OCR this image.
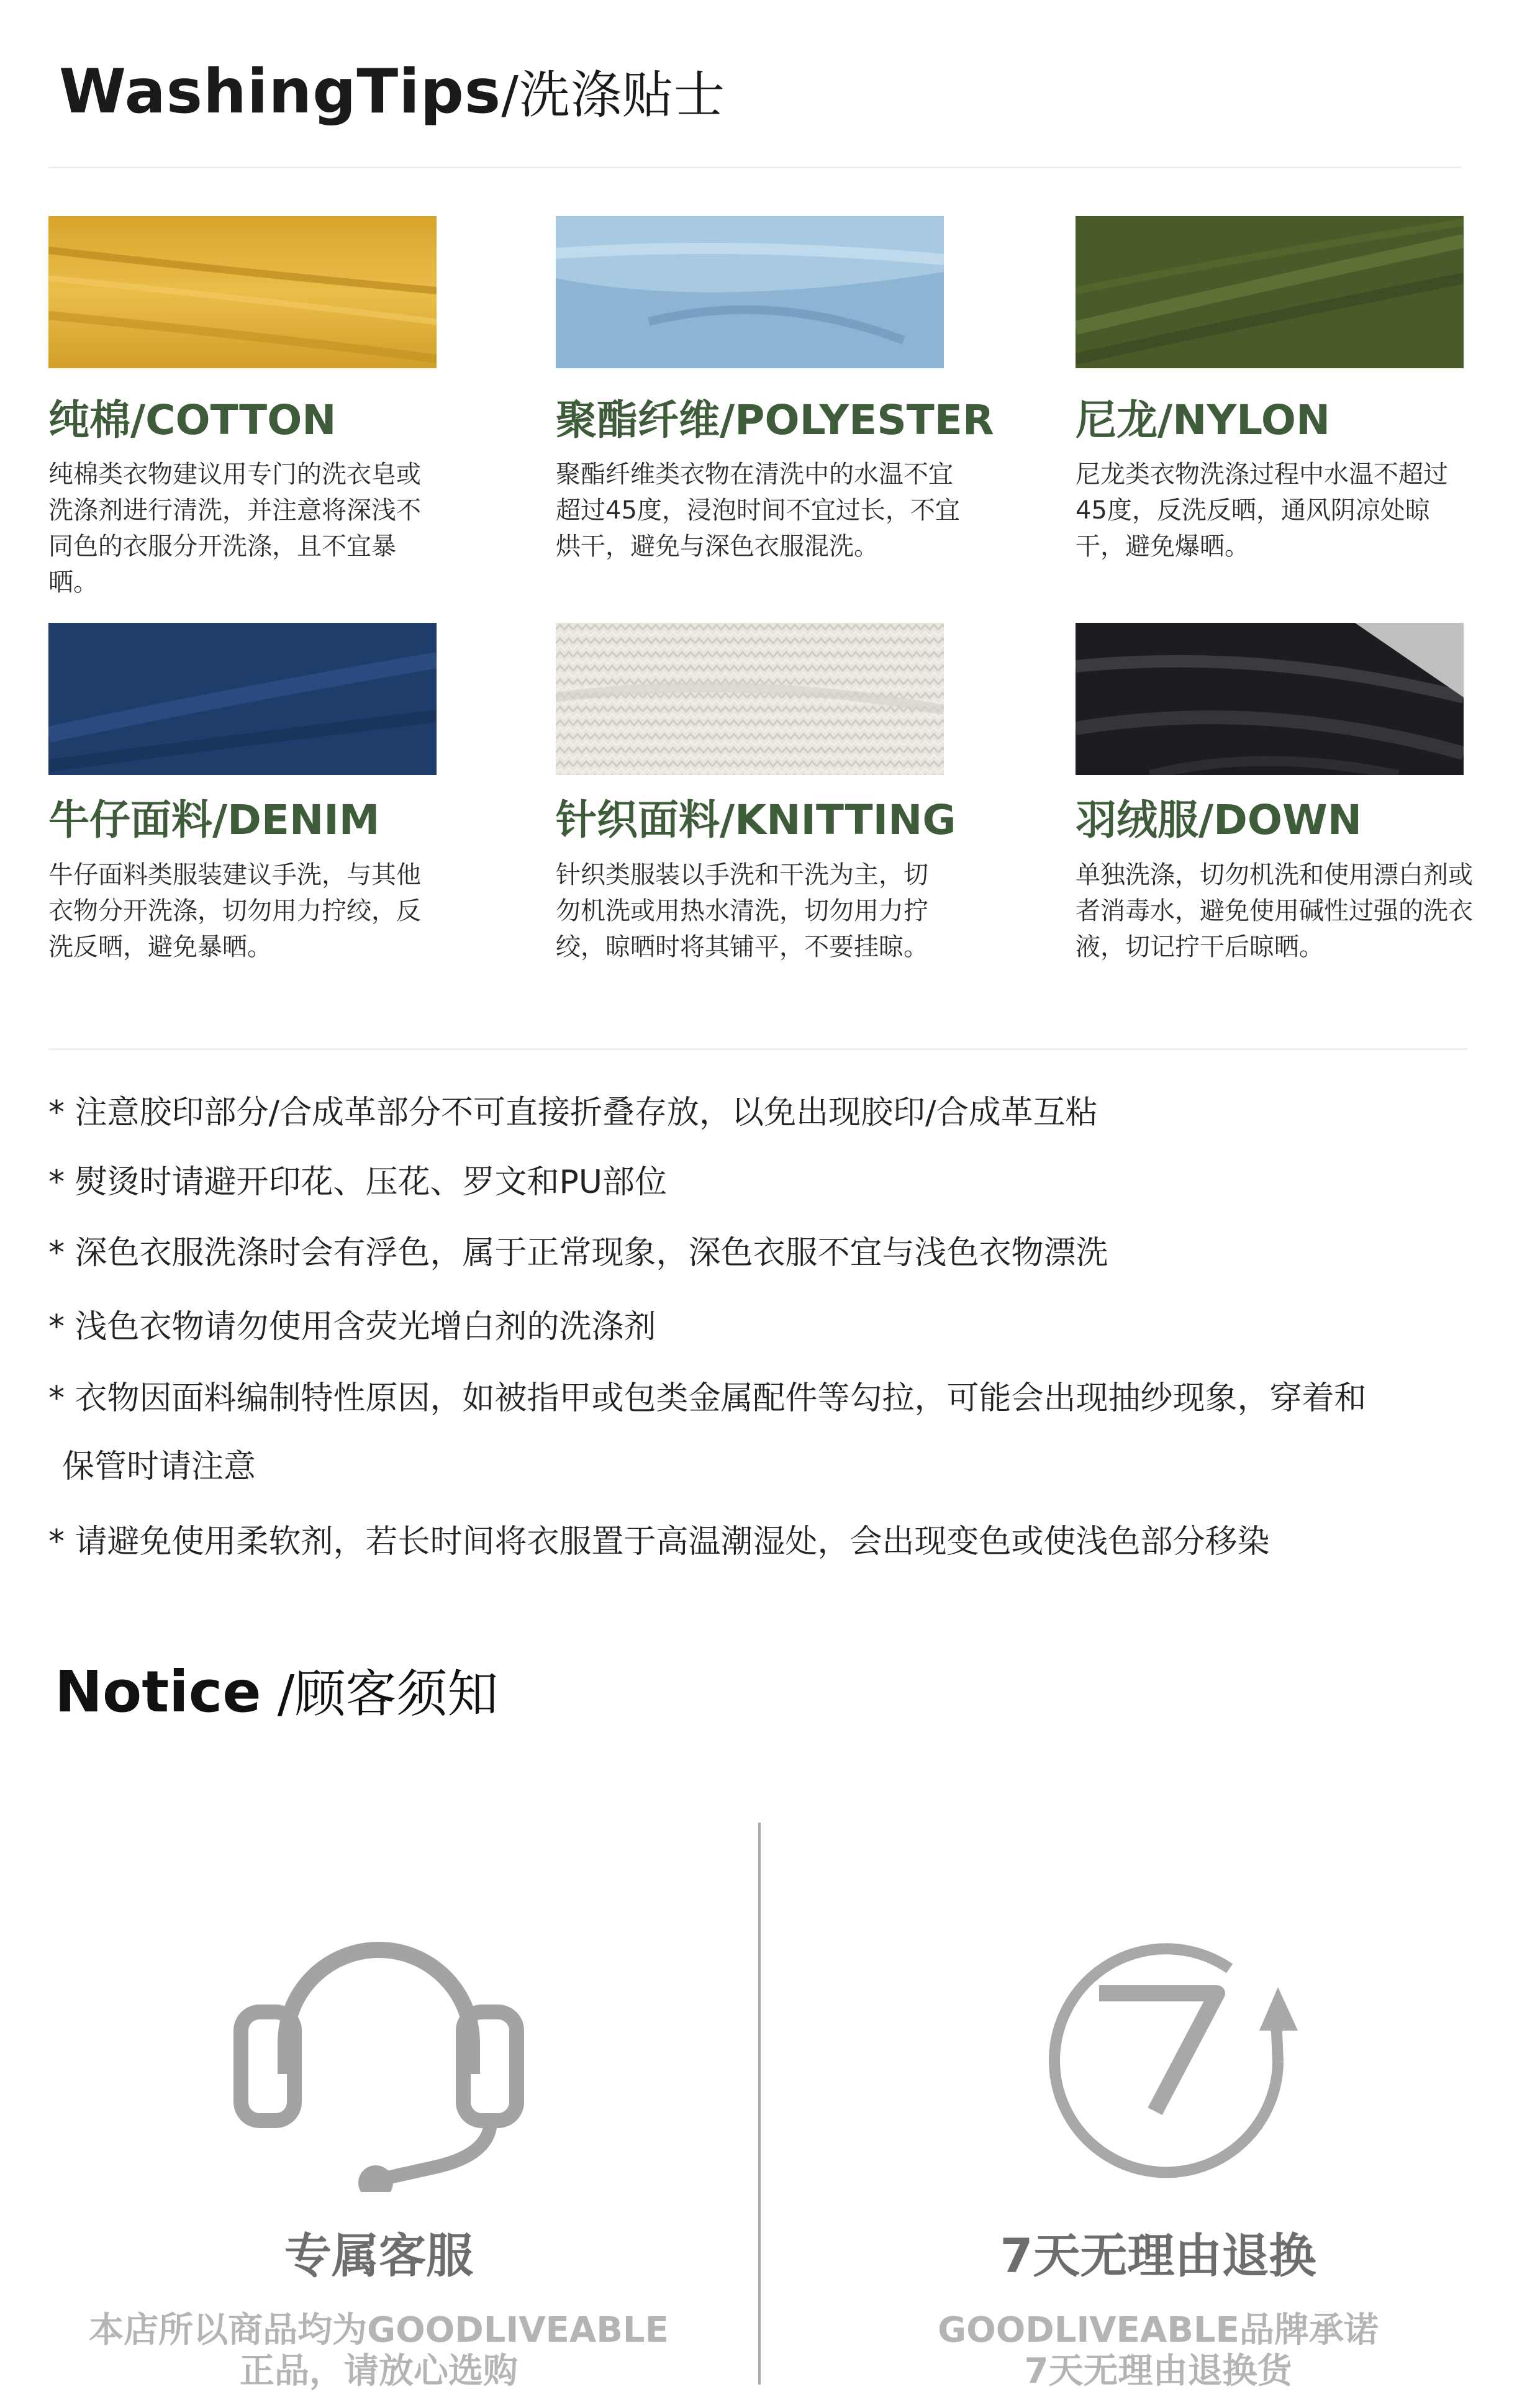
WashingTips/洗涤贴士
纯棉/COTTON	聚酯纤维/POLYESTER 尼龙/NYLON
纯棉类衣物建议用专门的洗衣皂或洗涤剂进行清洗，并注意将深浅不同色的衣服分开洗涤，且不宜暴晒。
聚酯纤维类衣物在清洗中的水温不宜超过45度，浸泡时间不宜过长，不宜烘干，避免与深色衣服混洗。
尼龙类衣物洗涤过程中水温不超过45度，反洗反晒，通风阴凉处晾干，避免爆晒。
牛仔面料/DENIM	针织面料/KNITTING	羽绒服/DOWN
牛仔面料类服装建议手洗，与其他衣物分开洗涤，切勿用力拧绞，反洗反晒，避免暴晒。
针织类服装以手洗和干洗为主，切勿机洗或用热水清洗，切勿用力拧绞，晾晒时将其铺平，不要挂晾。
单独洗涤，切勿机洗和使用漂白剂或者消毒水，避免使用碱性过强的洗衣液，切记拧干后晾晒。
* 注意胶印部分/合成革部分不可直接折叠存放，以免出现胶印/合成革互粘
* 熨烫时请避开印花、压花、罗文和PU部位
* 深色衣服洗涤时会有浮色，属于正常现象，深色衣服不宜与浅色衣物漂洗
* 浅色衣物请勿使用含荧光增白剂的洗涤剂
* 衣物因面料编制特性原因，如被指甲或包类金属配件等勾拉，可能会出现抽纱现象，穿着和
保管时请注意
* 请避免使用柔软剂，若长时间将衣服置于高温潮湿处，会出现变色或使浅色部分移染
Notice /顾客须知
专属客服
本店所以商品均为GOODLIVEABLE
正品，请放心选购
7天无理由退换
GOODLIVEABLE品牌承诺
7天无理由退换货
